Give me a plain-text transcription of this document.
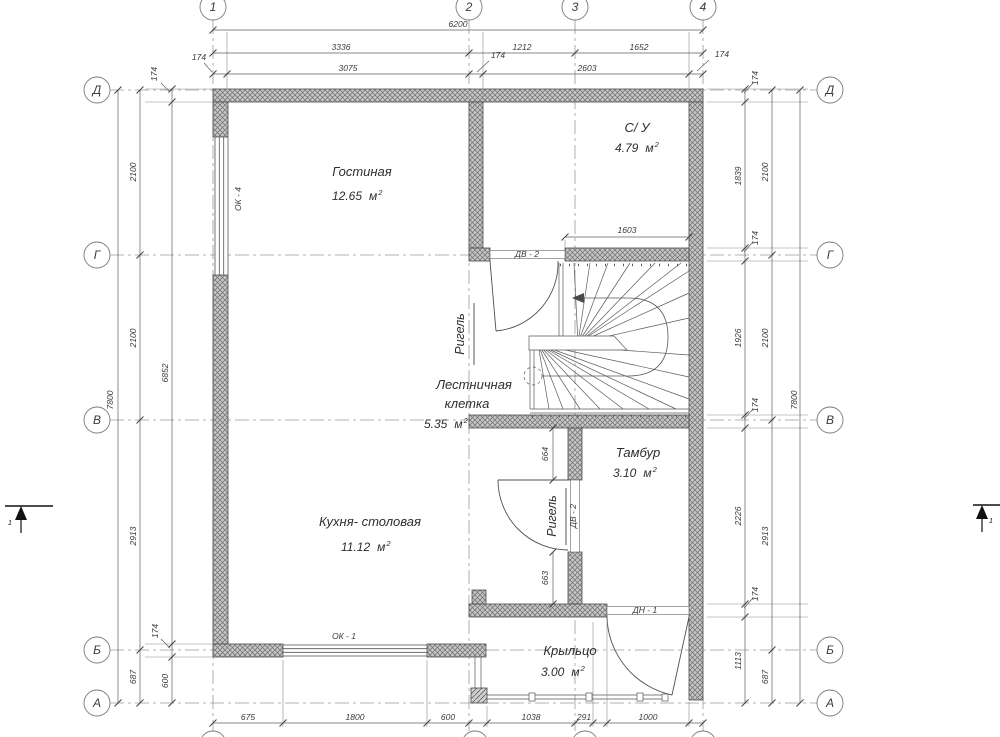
6200
3336	1212	1652
174
3075
174
2603
174
7800
2100
2100
2913
687
174
6852
174
600
174
1839
174
1926
174
2226
174
1113
2100
2100
2913
687
7800
675	1800	600	1038	291	1000
1603
664
663
Гостиная
12.65 $м^2$
С/ У
4.79 $м^2$
Лестничная
клетка
5.35 $м^2$
Тамбур
3.10 $м^2$
Кухня- столовая
11.12 $м^2$
Крыльцо
3.00 $м^2$
ОК - 4
ОК - 1
ДВ - 2
ДВ - 2
ДН - 1
Ригель
Ригель
1	2	3	4
Д
Г
В
Б
А
Д
Г
В
Б
А
1	1
